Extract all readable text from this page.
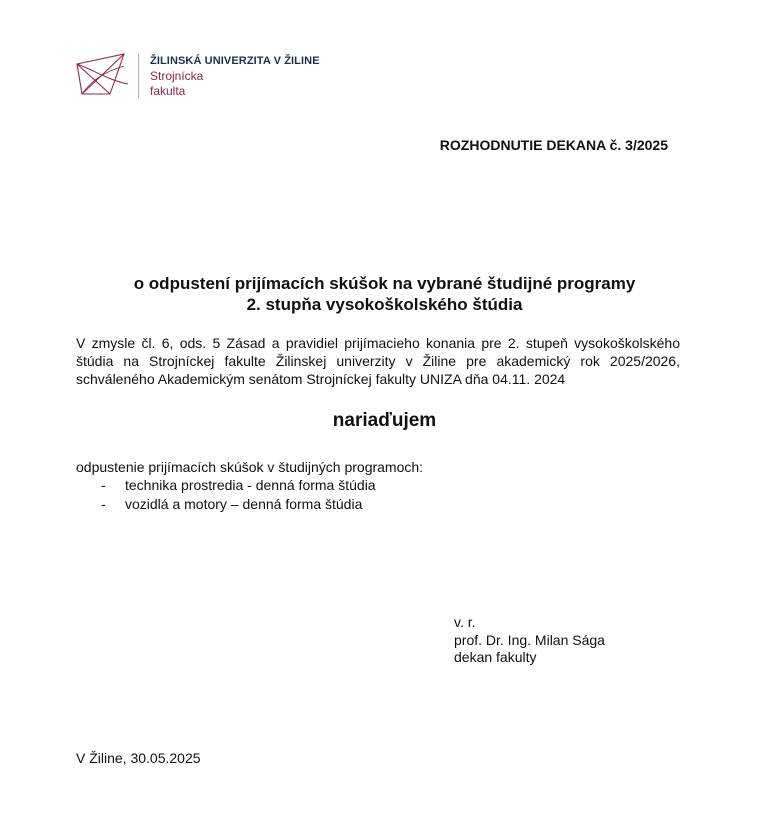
ŽILINSKÁ UNIVERZITA V ŽILINE
Strojnícka
fakulta
ROZHODNUTIE DEKANA č. 3/2025
o odpustení prijímacích skúšok na vybrané študijné programy
2. stupňa vysokoškolského štúdia
V zmysle čl. 6, ods. 5 Zásad a pravidiel prijímacieho konania pre 2. stupeň vysokoškolského štúdia na Strojníckej fakulte Žilinskej univerzity v Žiline pre akademický rok 2025/2026, schváleného Akademickým senátom Strojníckej fakulty UNIZA dňa 04.11. 2024
nariaďujem
odpustenie prijímacích skúšok v študijných programoch:
- technika prostredia - denná forma štúdia
- vozidlá a motory – denná forma štúdia
v. r.
prof. Dr. Ing. Milan Sága
dekan fakulty
V Žiline, 30.05.2025
